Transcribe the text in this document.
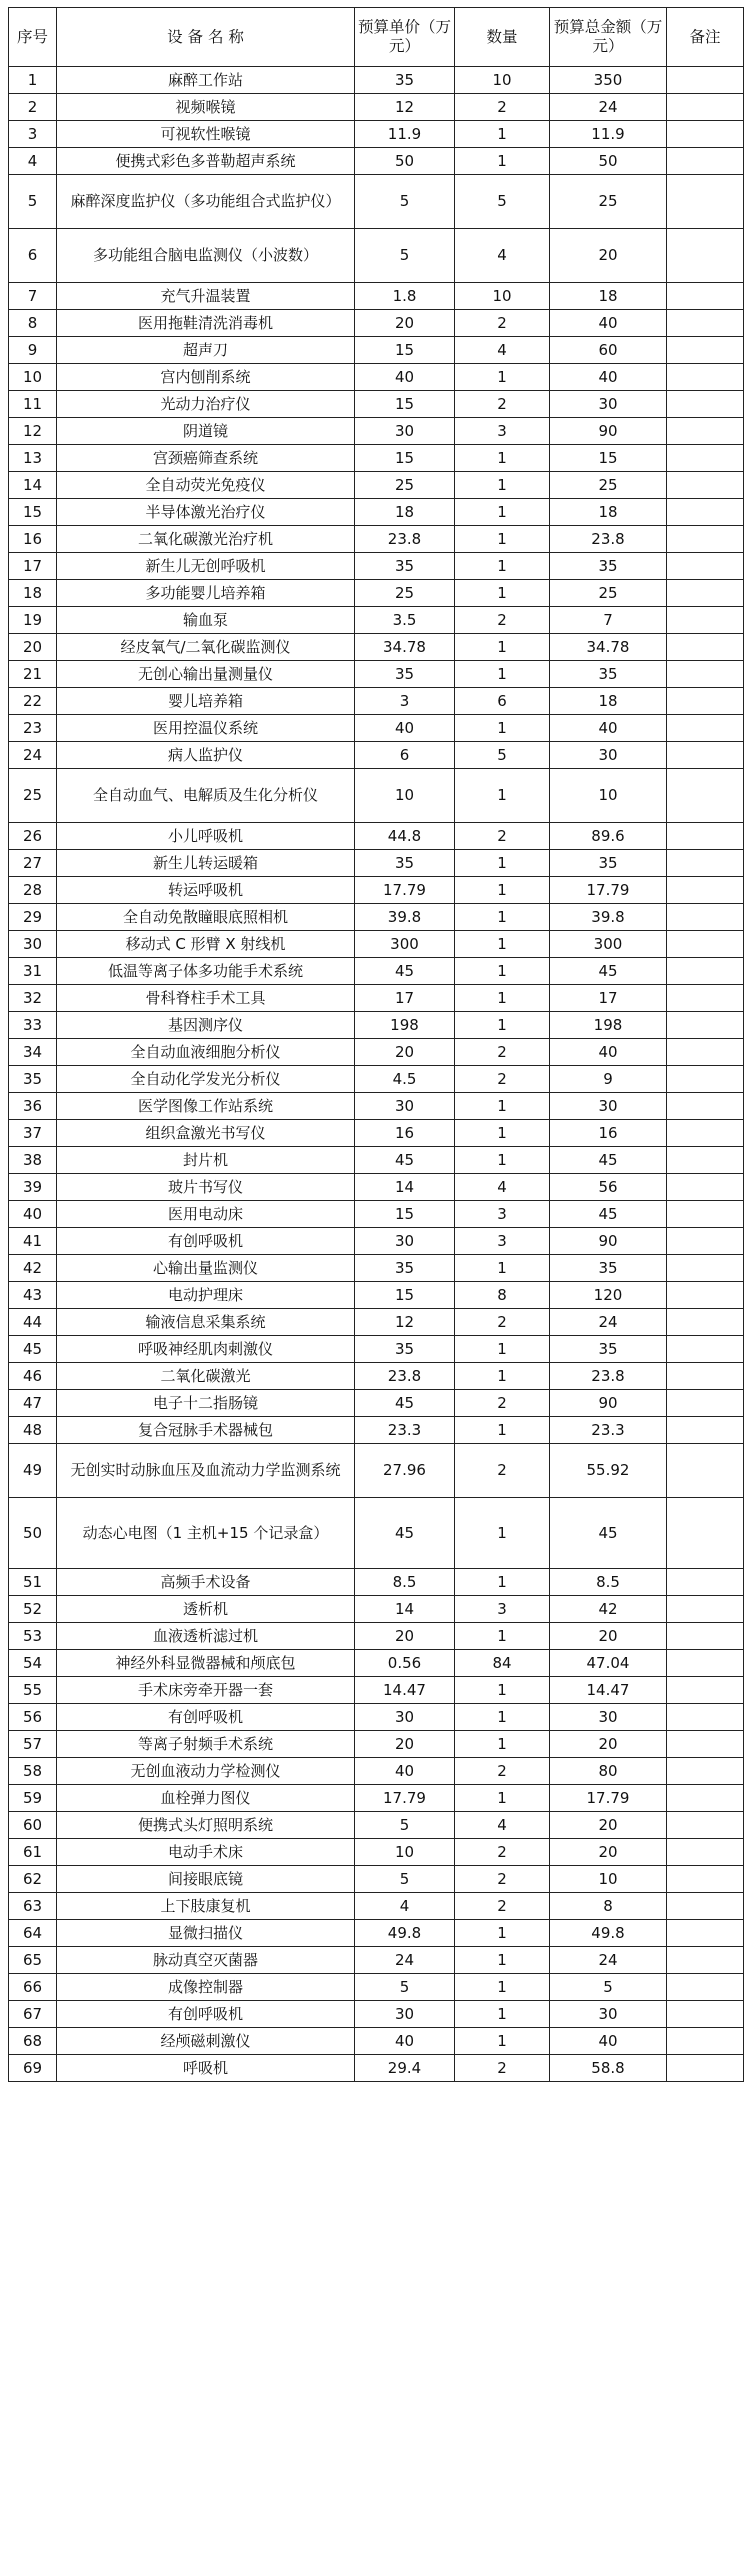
序号	设 备 名 称	预算单价（万元）	数量	预算总金额（万元）	备注
1	麻醉工作站	35	10	350	
2	视频喉镜	12	2	24	
3	可视软性喉镜	11.9	1	11.9	
4	便携式彩色多普勒超声系统	50	1	50	
5	麻醉深度监护仪（多功能组合式监护仪）	5	5	25	
6	多功能组合脑电监测仪（小波数）	5	4	20	
7	充气升温装置	1.8	10	18	
8	医用拖鞋清洗消毒机	20	2	40	
9	超声刀	15	4	60	
10	宫内刨削系统	40	1	40	
11	光动力治疗仪	15	2	30	
12	阴道镜	30	3	90	
13	宫颈癌筛查系统	15	1	15	
14	全自动荧光免疫仪	25	1	25	
15	半导体激光治疗仪	18	1	18	
16	二氧化碳激光治疗机	23.8	1	23.8	
17	新生儿无创呼吸机	35	1	35	
18	多功能婴儿培养箱	25	1	25	
19	输血泵	3.5	2	7	
20	经皮氧气/二氧化碳监测仪	34.78	1	34.78	
21	无创心输出量测量仪	35	1	35	
22	婴儿培养箱	3	6	18	
23	医用控温仪系统	40	1	40	
24	病人监护仪	6	5	30	
25	全自动血气、电解质及生化分析仪	10	1	10	
26	小儿呼吸机	44.8	2	89.6	
27	新生儿转运暖箱	35	1	35	
28	转运呼吸机	17.79	1	17.79	
29	全自动免散瞳眼底照相机	39.8	1	39.8	
30	移动式 C 形臂 X 射线机	300	1	300	
31	低温等离子体多功能手术系统	45	1	45	
32	骨科脊柱手术工具	17	1	17	
33	基因测序仪	198	1	198	
34	全自动血液细胞分析仪	20	2	40	
35	全自动化学发光分析仪	4.5	2	9	
36	医学图像工作站系统	30	1	30	
37	组织盒激光书写仪	16	1	16	
38	封片机	45	1	45	
39	玻片书写仪	14	4	56	
40	医用电动床	15	3	45	
41	有创呼吸机	30	3	90	
42	心输出量监测仪	35	1	35	
43	电动护理床	15	8	120	
44	输液信息采集系统	12	2	24	
45	呼吸神经肌肉刺激仪	35	1	35	
46	二氧化碳激光	23.8	1	23.8	
47	电子十二指肠镜	45	2	90	
48	复合冠脉手术器械包	23.3	1	23.3	
49	无创实时动脉血压及血流动力学监测系统	27.96	2	55.92	
50	动态心电图（1 主机+15 个记录盒）	45	1	45	
51	高频手术设备	8.5	1	8.5	
52	透析机	14	3	42	
53	血液透析滤过机	20	1	20	
54	神经外科显微器械和颅底包	0.56	84	47.04	
55	手术床旁牵开器一套	14.47	1	14.47	
56	有创呼吸机	30	1	30	
57	等离子射频手术系统	20	1	20	
58	无创血液动力学检测仪	40	2	80	
59	血栓弹力图仪	17.79	1	17.79	
60	便携式头灯照明系统	5	4	20	
61	电动手术床	10	2	20	
62	间接眼底镜	5	2	10	
63	上下肢康复机	4	2	8	
64	显微扫描仪	49.8	1	49.8	
65	脉动真空灭菌器	24	1	24	
66	成像控制器	5	1	5	
67	有创呼吸机	30	1	30	
68	经颅磁刺激仪	40	1	40	
69	呼吸机	29.4	2	58.8	
